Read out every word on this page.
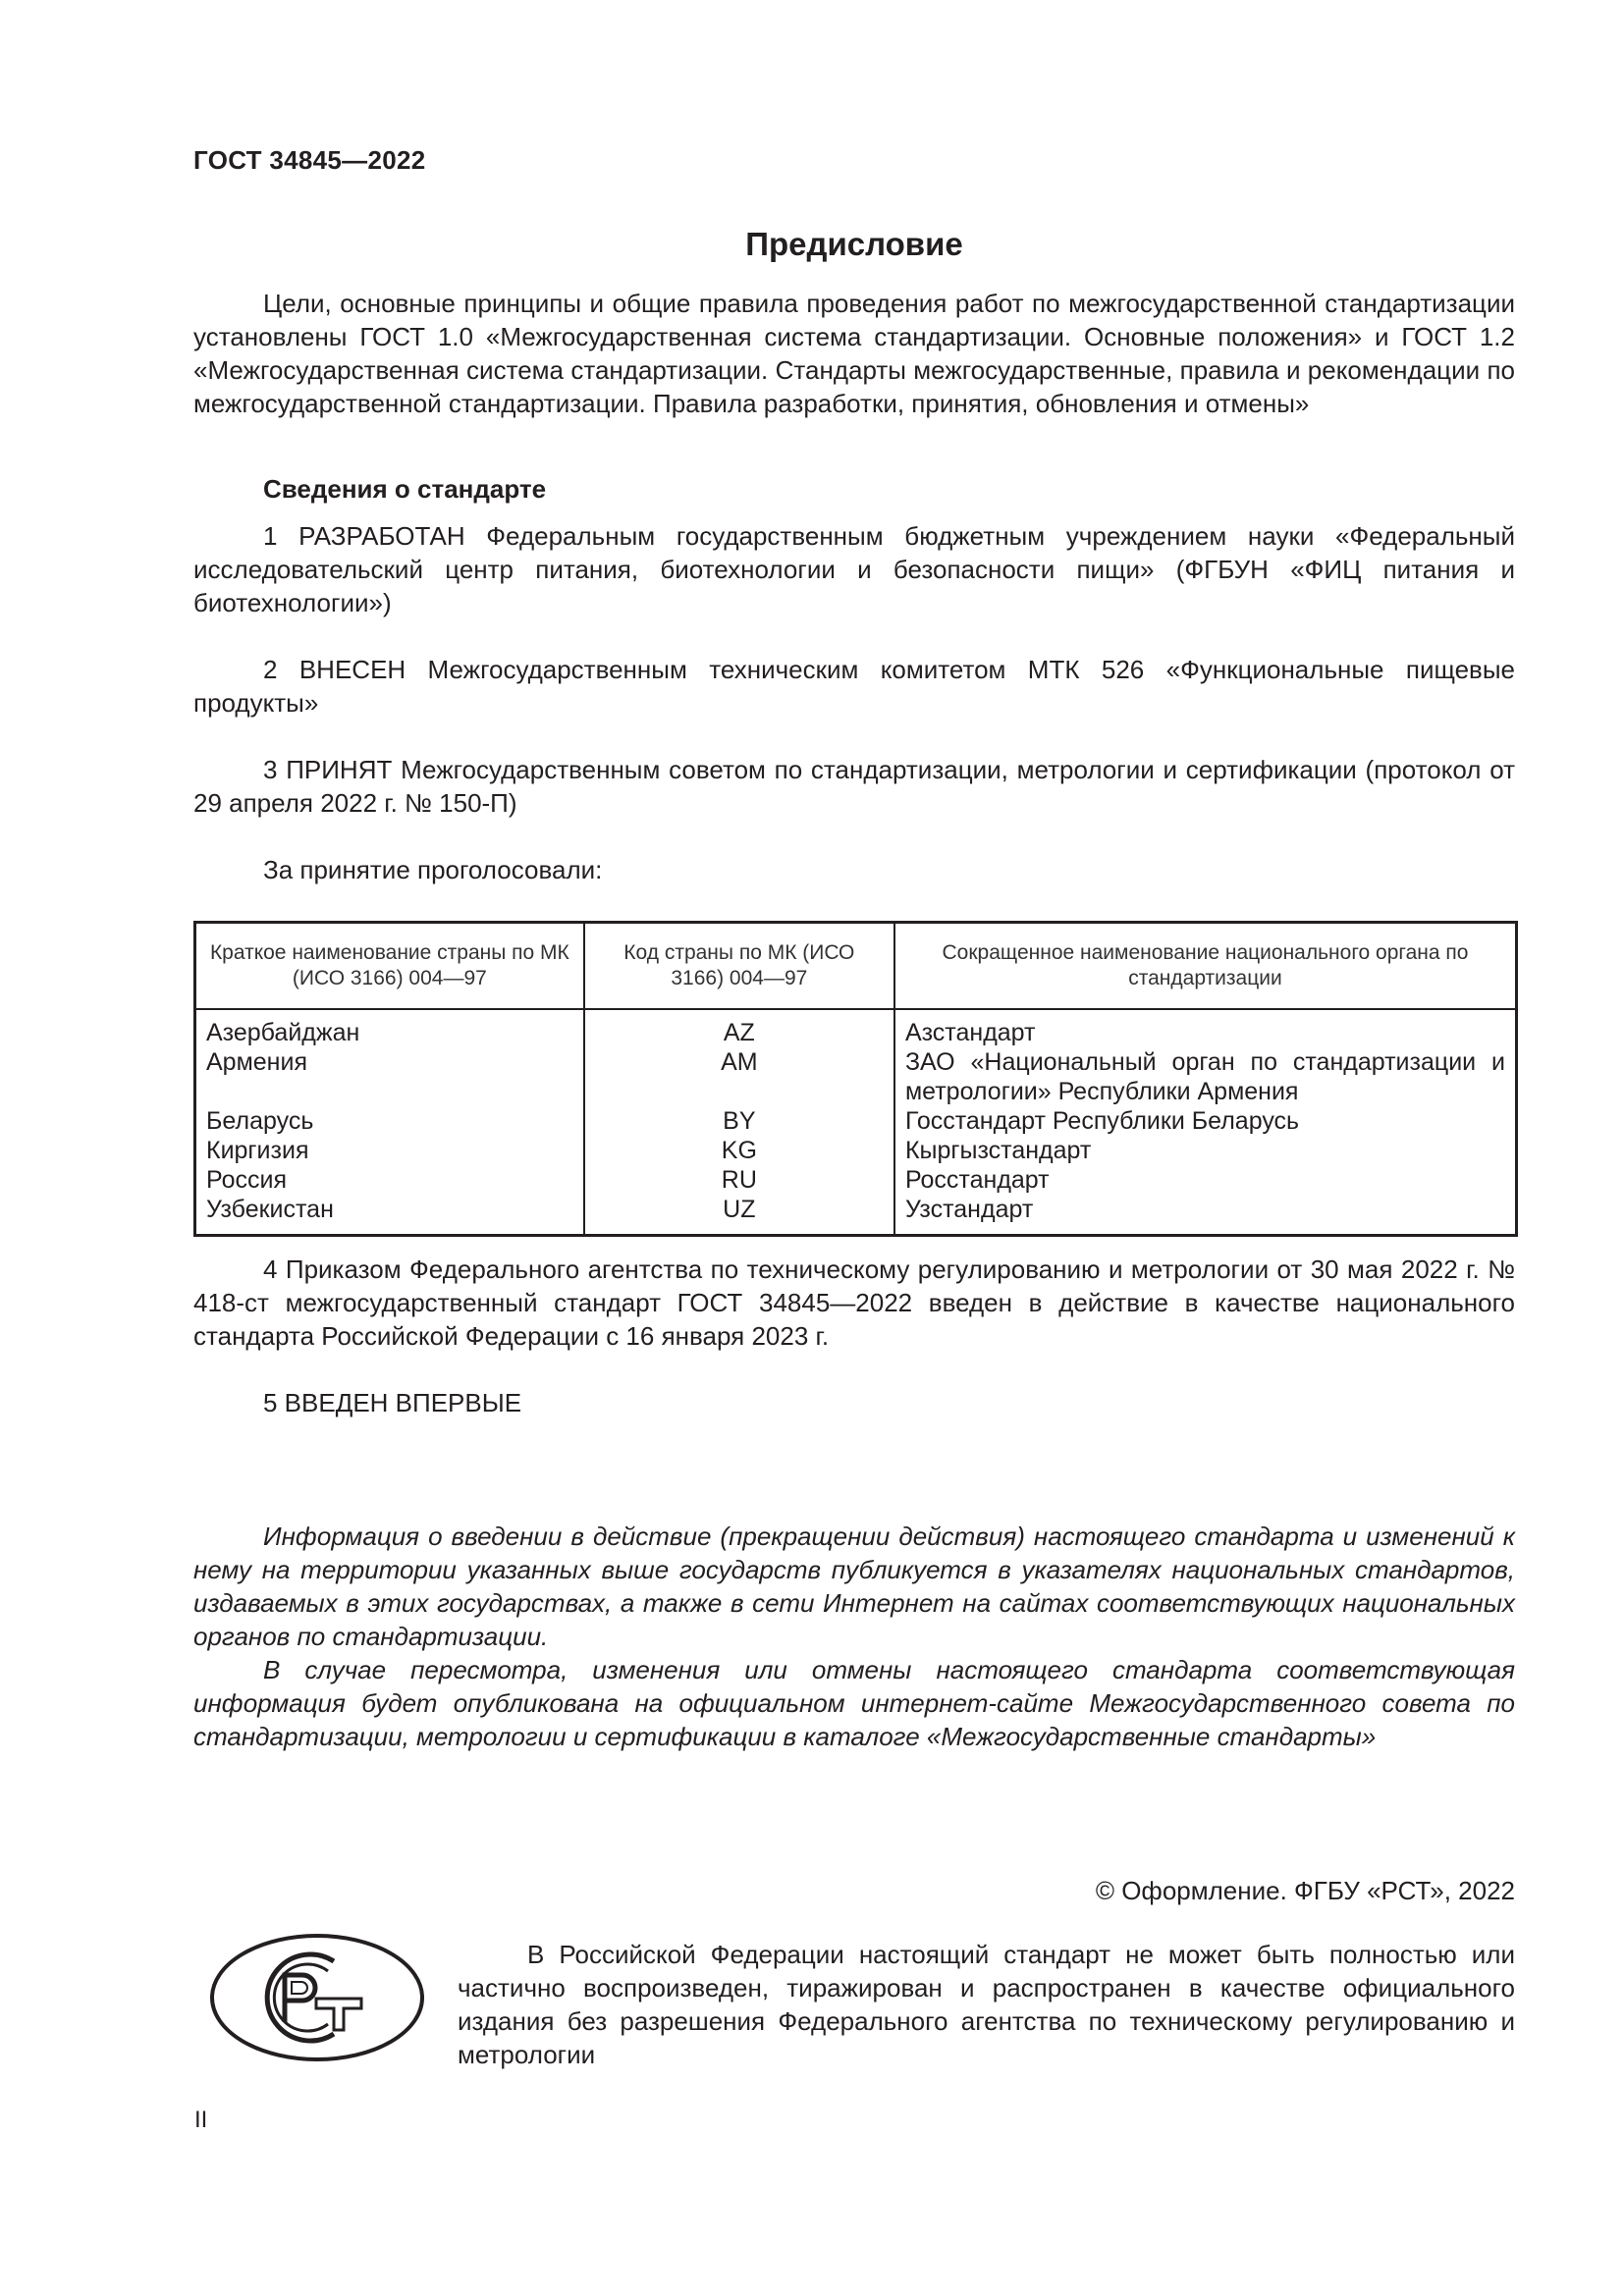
ГОСТ 34845—2022
Предисловие

Цели, основные принципы и общие правила проведения работ по межгосударственной стандартизации установлены ГОСТ 1.0 «Межгосударственная система стандартизации. Основные положения» и ГОСТ 1.2 «Межгосударственная система стандартизации. Стандарты межгосударственные, правила и рекомендации по межгосударственной стандартизации. Правила разработки, принятия, обновления и отмены»

Сведения о стандарте

1 РАЗРАБОТАН Федеральным государственным бюджетным учреждением науки «Федеральный исследовательский центр питания, биотехнологии и безопасности пищи» (ФГБУН «ФИЦ питания и биотехнологии»)

2 ВНЕСЕН Межгосударственным техническим комитетом МТК 526 «Функциональные пищевые продукты»

3 ПРИНЯТ Межгосударственным советом по стандартизации, метрологии и сертификации (протокол от 29 апреля 2022 г. № 150-П)

За принятие проголосовали:

Краткое наименование страны по МК (ИСО 3166) 004—97	Код страны по МК (ИСО 3166) 004—97	Сокращенное наименование национального органа по стандартизации
Азербайджан	AZ	Азстандарт
Армения	AM	ЗАО «Национальный орган по стандартизации и метрологии» Республики Армения
Беларусь	BY	Госстандарт Республики Беларусь
Киргизия	KG	Кыргызстандарт
Россия	RU	Росстандарт
Узбекистан	UZ	Узстандарт

4 Приказом Федерального агентства по техническому регулированию и метрологии от 30 мая 2022 г. № 418-ст межгосударственный стандарт ГОСТ 34845—2022 введен в действие в качестве национального стандарта Российской Федерации с 16 января 2023 г.

5 ВВЕДЕН ВПЕРВЫЕ

Информация о введении в действие (прекращении действия) настоящего стандарта и изменений к нему на территории указанных выше государств публикуется в указателях национальных стандартов, издаваемых в этих государствах, а также в сети Интернет на сайтах соответствующих национальных органов по стандартизации.

В случае пересмотра, изменения или отмены настоящего стандарта соответствующая информация будет опубликована на официальном интернет-сайте Межгосударственного совета по стандартизации, метрологии и сертификации в каталоге «Межгосударственные стандарты»

© Оформление. ФГБУ «РСТ», 2022

В Российской Федерации настоящий стандарт не может быть полностью или частично воспроизведен, тиражирован и распространен в качестве официального издания без разрешения Федерального агентства по техническому регулированию и метрологии

II
